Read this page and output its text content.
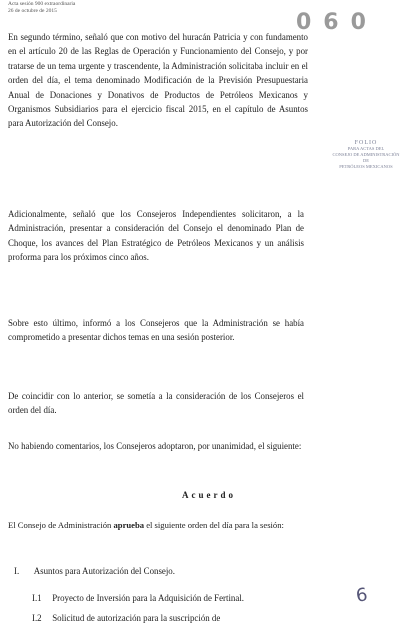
Acta sesión 900 extraordinaria
26 de octubre de 2015	060
FOLIO
PARA ACTAS DEL
CONSEJO DE ADMINISTRACIÓN
DE
PETRÓLEOS MEXICANOS

En segundo término, señaló que con motivo del huracán Patricia y con fundamento en el artículo 20 de las Reglas de Operación y Funcionamiento del Consejo, y por tratarse de un tema urgente y trascendente, la Administración solicitaba incluir en el orden del día, el tema denominado Modificación de la Previsión Presupuestaria Anual de Donaciones y Donativos de Productos de Petróleos Mexicanos y Organismos Subsidiarios para el ejercicio fiscal 2015, en el capítulo de Asuntos para Autorización del Consejo.

Adicionalmente, señaló que los Consejeros Independientes solicitaron, a la Administración, presentar a consideración del Consejo el denominado Plan de Choque, los avances del Plan Estratégico de Petróleos Mexicanos y un análisis proforma para los próximos cinco años.

Sobre esto último, informó a los Consejeros que la Administración se había comprometido a presentar dichos temas en una sesión posterior.

De coincidir con lo anterior, se sometía a la consideración de los Consejeros el orden del día.

No habiendo comentarios, los Consejeros adoptaron, por unanimidad, el siguiente:

Acuerdo

El Consejo de Administración aprueba el siguiente orden del día para la sesión:

I. Asuntos para Autorización del Consejo.
I.1 Proyecto de Inversión para la Adquisición de Fertinal.
I.2 Solicitud de autorización para la suscripción de
6
